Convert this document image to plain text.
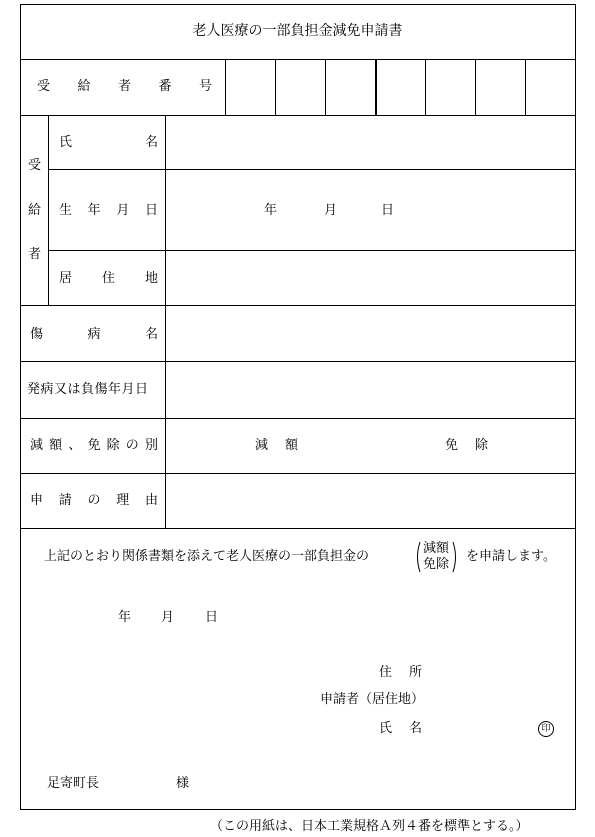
老人医療の一部負担金減免申請書
受 給 者 番 号
受
給
者
氏	名
生 年 月 日	年	月	日
居 住 地
傷	病	名
発病又は負傷年月日
減 額 、 免 除 の 別	減 額	免 除
申 請 の 理 由
上記のとおり関係書類を添えて老人医療の一部負担金の
減額
免除
を申請します。
年 月 日
住 所
申請者（居住地）
氏 名	印
足寄町長	様
（この用紙は、日本工業規格Ａ列４番を標準とする。）
